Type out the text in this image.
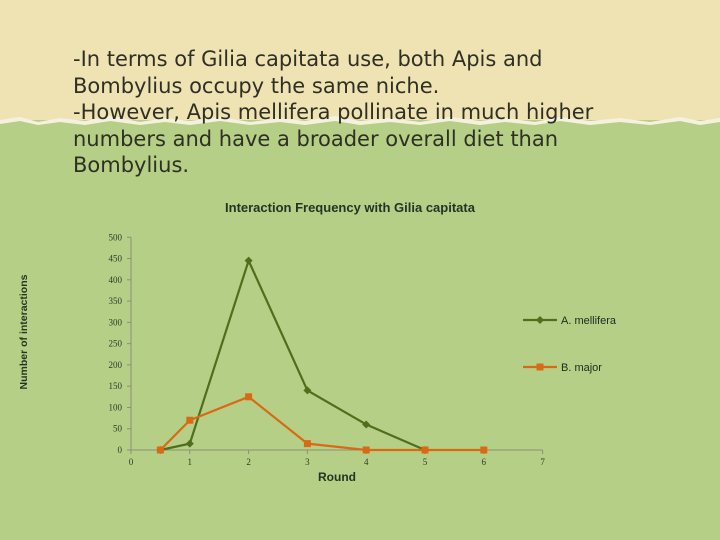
-In terms of Gilia capitata use, both Apis and
Bombylius occupy the same niche.
-However, Apis mellifera pollinate in much higher
numbers and have a broader overall diet than
Bombylius.
Interaction Frequency with Gilia capitata
Number of interactions
Round
0
50
100
150
200
250
300
350
400
450
500
0	1	2	3	4	5	6	7
A. mellifera
B. major
